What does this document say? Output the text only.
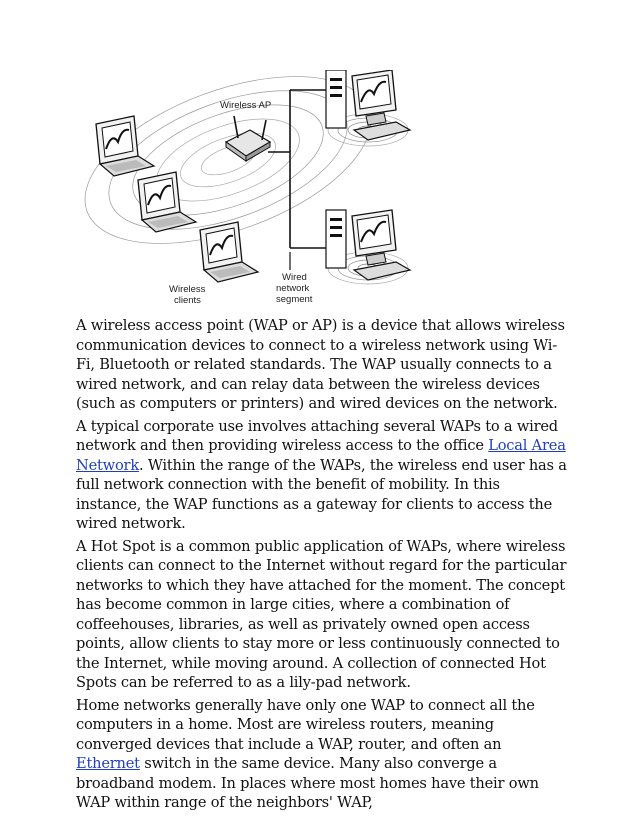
Wireless AP
Wireless
clients
Wired
network
segment

A wireless access point (WAP or AP) is a device that allows wireless communication devices to connect to a wireless network using Wi-Fi, Bluetooth or related standards. The WAP usually connects to a wired network, and can relay data between the wireless devices (such as computers or printers) and wired devices on the network.

A typical corporate use involves attaching several WAPs to a wired network and then providing wireless access to the office Local Area Network. Within the range of the WAPs, the wireless end user has a full network connection with the benefit of mobility. In this instance, the WAP functions as a gateway for clients to access the wired network.

A Hot Spot is a common public application of WAPs, where wireless clients can connect to the Internet without regard for the particular networks to which they have attached for the moment. The concept has become common in large cities, where a combination of coffeehouses, libraries, as well as privately owned open access points, allow clients to stay more or less continuously connected to the Internet, while moving around. A collection of connected Hot Spots can be referred to as a lily-pad network.

Home networks generally have only one WAP to connect all the computers in a home. Most are wireless routers, meaning converged devices that include a WAP, router, and often an Ethernet switch in the same device. Many also converge a broadband modem. In places where most homes have their own WAP within range of the neighbors' WAP,
